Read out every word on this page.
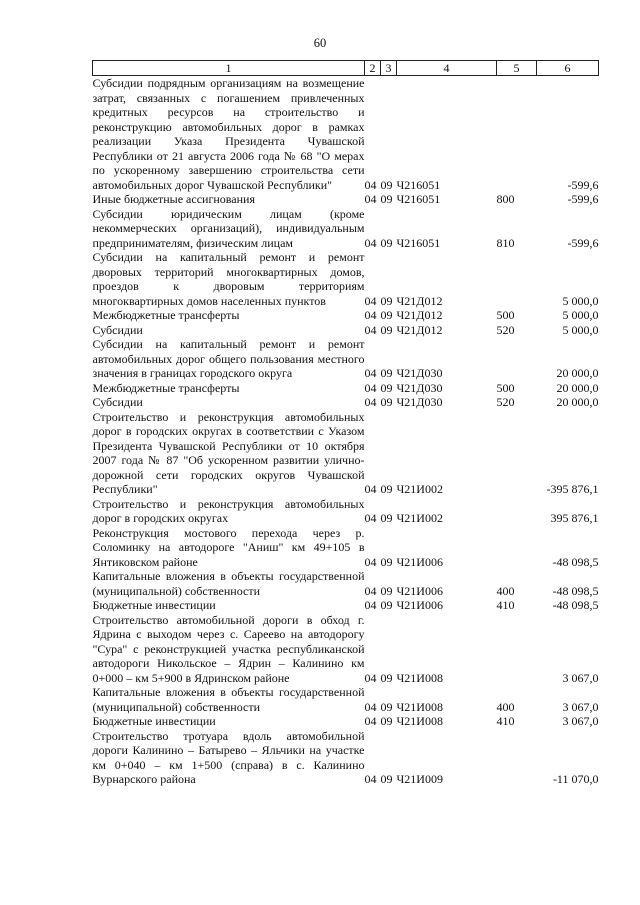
60
1	2	3	4	5	6
Субсидии подрядным организациям на возмещение затрат, связанных с погашением привлеченных кредитных ресурсов на строительство и реконструкцию автомобильных дорог в рамках реализации Указа Президента Чувашской Республики от 21 августа 2006 года № 68 "О мерах по ускоренному завершению строительства сети автомобильных дорог Чувашской Республики"	04	09	Ч216051		-599,6
Иные бюджетные ассигнования	04	09	Ч216051	800	-599,6
Субсидии юридическим лицам (кроме некоммерческих организаций), индивидуальным предпринимателям, физическим лицам	04	09	Ч216051	810	-599,6
Субсидии на капитальный ремонт и ремонт дворовых территорий многоквартирных домов, проездов к дворовым территориям многоквартирных домов населенных пунктов	04	09	Ч21Д012		5 000,0
Межбюджетные трансферты	04	09	Ч21Д012	500	5 000,0
Субсидии	04	09	Ч21Д012	520	5 000,0
Субсидии на капитальный ремонт и ремонт автомобильных дорог общего пользования местного значения в границах городского округа	04	09	Ч21Д030		20 000,0
Межбюджетные трансферты	04	09	Ч21Д030	500	20 000,0
Субсидии	04	09	Ч21Д030	520	20 000,0
Строительство и реконструкция автомобильных дорог в городских округах в соответствии с Указом Президента Чувашской Республики от 10 октября 2007 года № 87 "Об ускоренном развитии улично-дорожной сети городских округов Чувашской Республики"	04	09	Ч21И002		-395 876,1
Строительство и реконструкция автомобильных дорог в городских округах	04	09	Ч21И002		395 876,1
Реконструкция мостового перехода через р. Соломинку на автодороге "Аниш" км 49+105 в Янтиковском районе	04	09	Ч21И006		-48 098,5
Капитальные вложения в объекты государственной (муниципальной) собственности	04	09	Ч21И006	400	-48 098,5
Бюджетные инвестиции	04	09	Ч21И006	410	-48 098,5
Строительство автомобильной дороги в обход г. Ядрина с выходом через с. Сареево на автодорогу "Сура" с реконструкцией участка республиканской автодороги Никольское – Ядрин – Калинино км 0+000 – км 5+900 в Ядринском районе	04	09	Ч21И008		3 067,0
Капитальные вложения в объекты государственной (муниципальной) собственности	04	09	Ч21И008	400	3 067,0
Бюджетные инвестиции	04	09	Ч21И008	410	3 067,0
Строительство тротуара вдоль автомобильной дороги Калинино – Батырево – Яльчики на участке км 0+040 – км 1+500 (справа) в с. Калинино Вурнарского района	04	09	Ч21И009		-11 070,0
